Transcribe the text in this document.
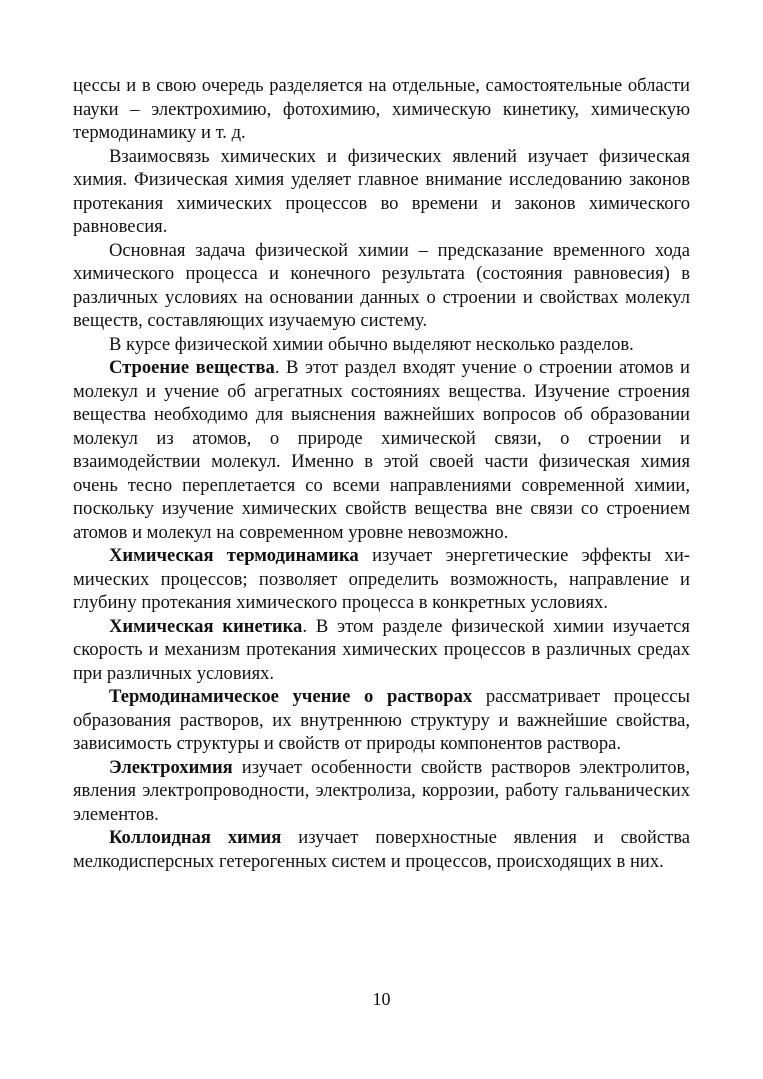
цессы и в свою очередь разделяется на отдельные, самостоятельные области науки – электрохимию, фотохимию, химическую кинетику, химическую термодинамику и т. д.

Взаимосвязь химических и физических явлений изучает физическая химия. Физическая химия уделяет главное внимание исследованию законов протекания химических процессов во времени и законов химического равновесия.

Основная задача физической химии – предсказание временного хода химического процесса и конечного результата (состояния равновесия) в различных условиях на основании данных о строении и свойствах молекул веществ, составляющих изучаемую систему.

В курсе физической химии обычно выделяют несколько разделов.

Строение вещества. В этот раздел входят учение о строении атомов и молекул и учение об агрегатных состояниях вещества. Изучение строения вещества необходимо для выяснения важнейших вопросов об образовании молекул из атомов, о природе химической связи, о строении и взаимодействии молекул. Именно в этой своей части физическая химия очень тесно переплетается со всеми направлениями современной химии, поскольку изучение химических свойств вещества вне связи со строением атомов и молекул на современном уровне невозможно.

Химическая термодинамика изучает энергетические эффекты химических процессов; позволяет определить возможность, направление и глубину протекания химического процесса в конкретных условиях.

Химическая кинетика. В этом разделе физической химии изучается скорость и механизм протекания химических процессов в различных средах при различных условиях.

Термодинамическое учение о растворах рассматривает процессы образования растворов, их внутреннюю структуру и важнейшие свойства, зависимость структуры и свойств от природы компонентов раствора.

Электрохимия изучает особенности свойств растворов электролитов, явления электропроводности, электролиза, коррозии, работу гальванических элементов.

Коллоидная химия изучает поверхностные явления и свойства мелкодисперсных гетерогенных систем и процессов, происходящих в них.

10
